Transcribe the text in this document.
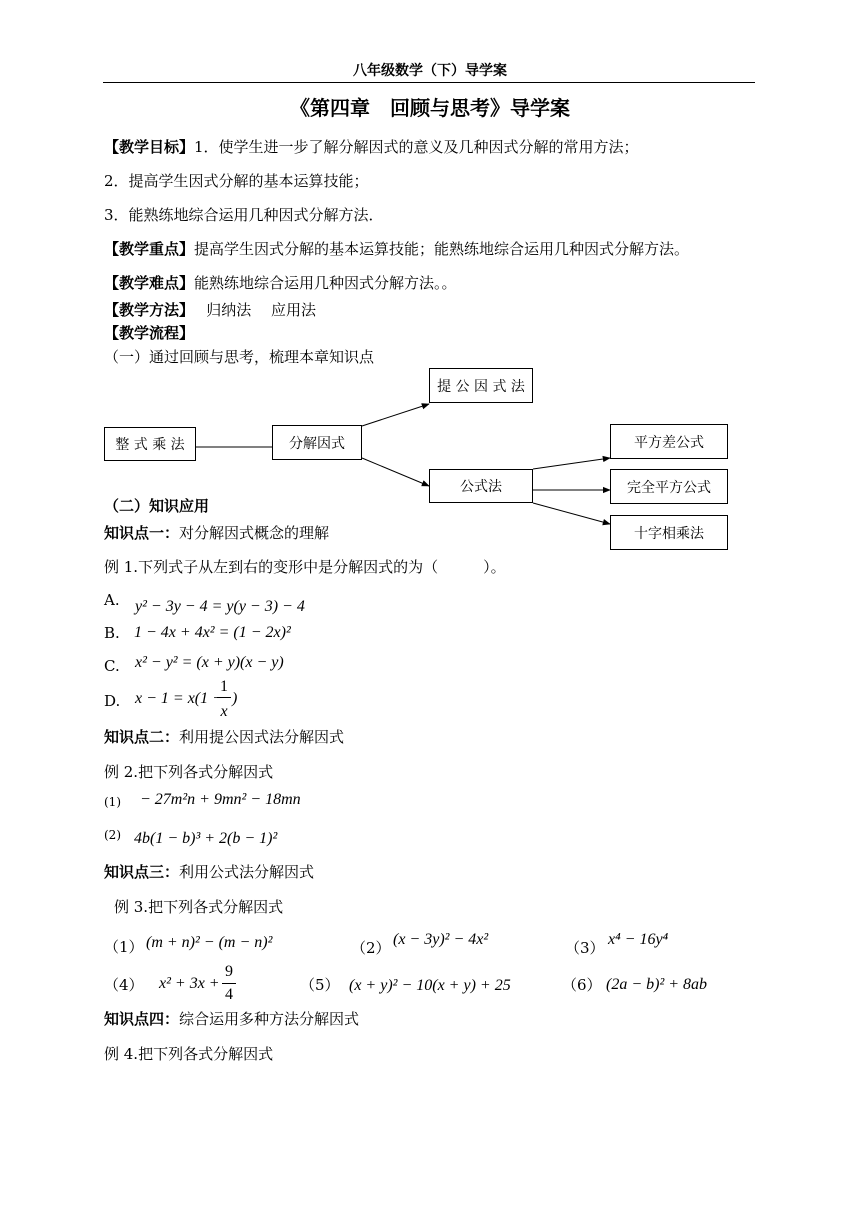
八年级数学（下）导学案
《第四章　回顾与思考》导学案
【教学目标】1．使学生进一步了解分解因式的意义及几种因式分解的常用方法；
2．提高学生因式分解的基本运算技能；
3．能熟练地综合运用几种因式分解方法．
【教学重点】提高学生因式分解的基本运算技能；能熟练地综合运用几种因式分解方法。
【教学难点】能熟练地综合运用几种因式分解方法。。
【教学方法】　 归纳法　 应用法
【教学流程】
（一）通过回顾与思考，梳理本章知识点
整 式 乘 法	分解因式
提 公 因 式 法
公式法
平方差公式
完全平方公式
十字相乘法
（二）知识应用
知识点一：对分解因式概念的理解
例 1.下列式子从左到右的变形中是分解因式的为（　　　）。
A. y² − 3y − 4 = y(y − 3) − 4
B. 1 − 4x + 4x² = (1 − 2x)²
C. x² − y² = (x + y)(x − y)
D. x − 1 = x(1 −
1
x
)
知识点二：利用提公因式法分解因式
例 2.把下列各式分解因式
(1) − 27m²n + 9mn² − 18mn
(2) 4b(1 − b)³ + 2(b − 1)²
知识点三：利用公式法分解因式
例 3.把下列各式分解因式
（1） (m + n)² − (m − n)²	（2） (x − 3y)² − 4x²	（3） x⁴ − 16y⁴
（4） x² + 3x +
9
4
（5） (x + y)² − 10(x + y) + 25	（6） (2a − b)² + 8ab
知识点四：综合运用多种方法分解因式
例 4.把下列各式分解因式
